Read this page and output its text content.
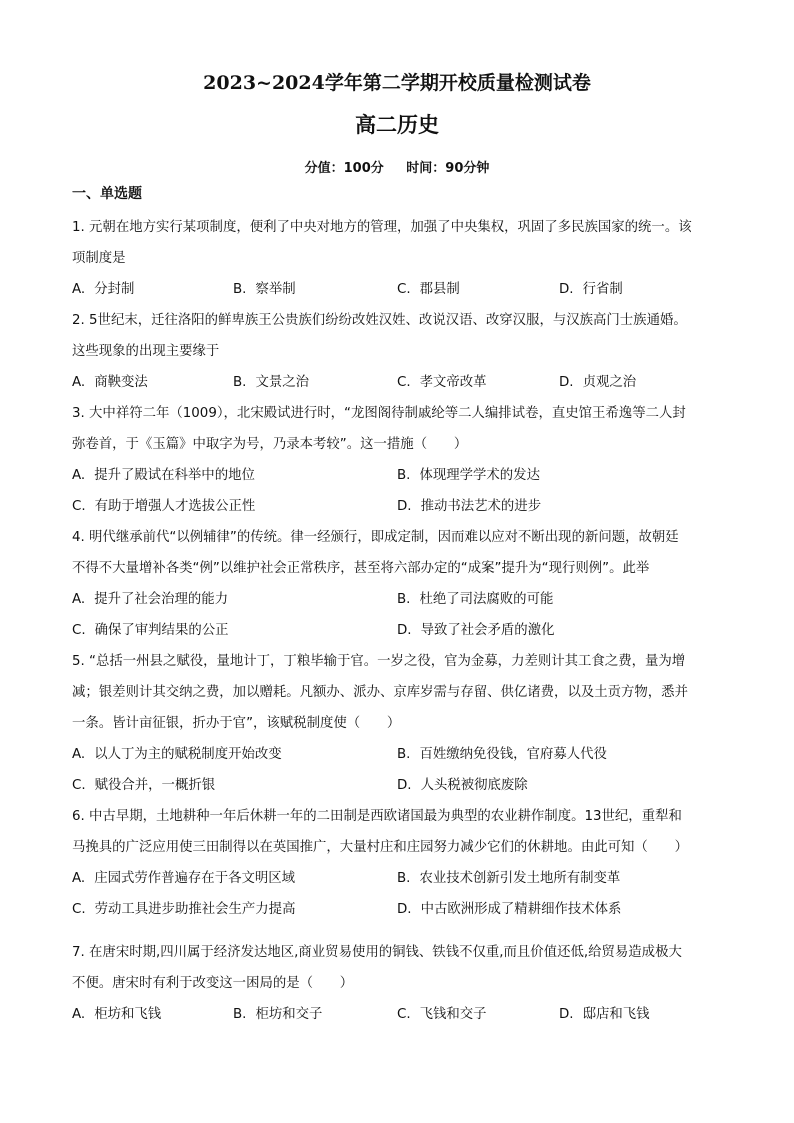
2023~2024学年第二学期开校质量检测试卷
高二历史
分值：100分 时间：90分钟
一、单选题
1. 元朝在地方实行某项制度，便利了中央对地方的管理，加强了中央集权，巩固了多民族国家的统一。该
项制度是
A. 分封制	B. 察举制	C. 郡县制	D. 行省制
2. 5世纪末，迁往洛阳的鲜卑族王公贵族们纷纷改姓汉姓、改说汉语、改穿汉服，与汉族高门士族通婚。
这些现象的出现主要缘于
A. 商鞅变法	B. 文景之治	C. 孝文帝改革	D. 贞观之治
3. 大中祥符二年（1009），北宋殿试进行时，“龙图阁待制戚纶等二人编排试卷，直史馆王希逸等二人封
弥卷首，于《玉篇》中取字为号，乃录本考较”。这一措施（　　）
A. 提升了殿试在科举中的地位	B. 体现理学学术的发达
C. 有助于增强人才选拔公正性	D. 推动书法艺术的进步
4. 明代继承前代“以例辅律”的传统。律一经颁行，即成定制，因而难以应对不断出现的新问题，故朝廷
不得不大量增补各类“例”以维护社会正常秩序，甚至将六部办定的“成案”提升为“现行则例”。此举
A. 提升了社会治理的能力	B. 杜绝了司法腐败的可能
C. 确保了审判结果的公正	D. 导致了社会矛盾的激化
5. “总括一州县之赋役，量地计丁，丁粮毕输于官。一岁之役，官为金募，力差则计其工食之费，量为增
减；银差则计其交纳之费，加以赠耗。凡额办、派办、京库岁需与存留、供亿诸费，以及土贡方物，悉并
一条。皆计亩征银，折办于官”，该赋税制度使（　　）
A. 以人丁为主的赋税制度开始改变	B. 百姓缴纳免役钱，官府募人代役
C. 赋役合并，一概折银	D. 人头税被彻底废除
6. 中古早期，土地耕种一年后休耕一年的二田制是西欧诸国最为典型的农业耕作制度。13世纪，重犁和
马挽具的广泛应用使三田制得以在英国推广，大量村庄和庄园努力减少它们的休耕地。由此可知（　　）
A. 庄园式劳作普遍存在于各文明区域	B. 农业技术创新引发土地所有制变革
C. 劳动工具进步助推社会生产力提高	D. 中古欧洲形成了精耕细作技术体系
7. 在唐宋时期,四川属于经济发达地区,商业贸易使用的铜钱、铁钱不仅重,而且价值还低,给贸易造成极大
不便。唐宋时有利于改变这一困局的是（　　）
A. 柜坊和飞钱	B. 柜坊和交子	C. 飞钱和交子	D. 邸店和飞钱
